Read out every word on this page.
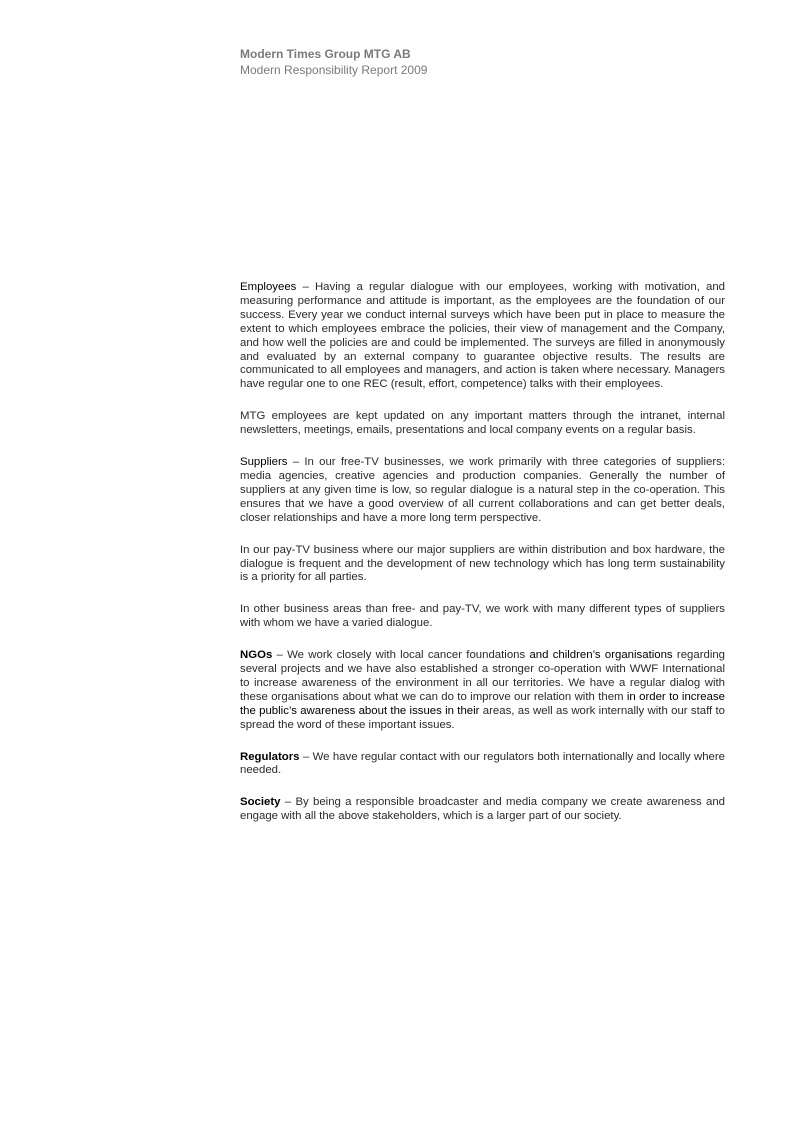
Modern Times Group MTG AB
Modern Responsibility Report 2009

Employees – Having a regular dialogue with our employees, working with motivation, and measuring performance and attitude is important, as the employees are the foundation of our success. Every year we conduct internal surveys which have been put in place to measure the extent to which employees embrace the policies, their view of management and the Company, and how well the policies are and could be implemented. The surveys are filled in anonymously and evaluated by an external company to guarantee objective results. The results are communicated to all employees and managers, and action is taken where necessary. Managers have regular one to one REC (result, effort, competence) talks with their employees.

MTG employees are kept updated on any important matters through the intranet, internal newsletters, meetings, emails, presentations and local company events on a regular basis.

Suppliers – In our free-TV businesses, we work primarily with three categories of suppliers: media agencies, creative agencies and production companies. Generally the number of suppliers at any given time is low, so regular dialogue is a natural step in the co-operation. This ensures that we have a good overview of all current collaborations and can get better deals, closer relationships and have a more long term perspective.

In our pay-TV business where our major suppliers are within distribution and box hardware, the dialogue is frequent and the development of new technology which has long term sustainability is a priority for all parties.

In other business areas than free- and pay-TV, we work with many different types of suppliers with whom we have a varied dialogue.

NGOs – We work closely with local cancer foundations and children’s organisations regarding several projects and we have also established a stronger co-operation with WWF International to increase awareness of the environment in all our territories. We have a regular dialog with these organisations about what we can do to improve our relation with them in order to increase the public’s awareness about the issues in their areas, as well as work internally with our staff to spread the word of these important issues.

Regulators – We have regular contact with our regulators both internationally and locally where needed.

Society – By being a responsible broadcaster and media company we create awareness and engage with all the above stakeholders, which is a larger part of our society.
